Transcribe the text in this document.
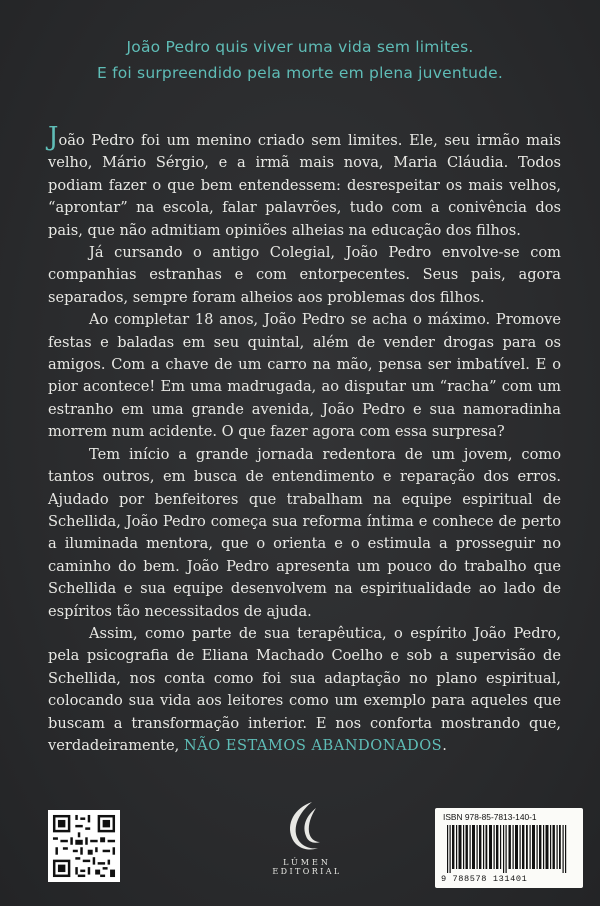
João Pedro quis viver uma vida sem limites.
E foi surpreendido pela morte em plena juventude.

João Pedro foi um menino criado sem limites. Ele, seu irmão mais velho, Mário Sérgio, e a irmã mais nova, Maria Cláudia. Todos podiam fazer o que bem entendessem: desrespeitar os mais velhos, “aprontar” na escola, falar palavrões, tudo com a conivência dos pais, que não admitiam opiniões alheias na educação dos filhos.

Já cursando o antigo Colegial, João Pedro envolve-se com companhias estranhas e com entorpecentes. Seus pais, agora separados, sempre foram alheios aos problemas dos filhos.

Ao completar 18 anos, João Pedro se acha o máximo. Promove festas e baladas em seu quintal, além de vender drogas para os amigos. Com a chave de um carro na mão, pensa ser imbatível. E o pior acontece! Em uma madrugada, ao disputar um “racha” com um estranho em uma grande avenida, João Pedro e sua namoradinha morrem num acidente. O que fazer agora com essa surpresa?

Tem início a grande jornada redentora de um jovem, como tantos outros, em busca de entendimento e reparação dos erros. Ajudado por benfeitores que trabalham na equipe espiritual de Schellida, João Pedro começa sua reforma íntima e conhece de perto a iluminada mentora, que o orienta e o estimula a prosseguir no caminho do bem. João Pedro apresenta um pouco do trabalho que Schellida e sua equipe desenvolvem na espiritualidade ao lado de espíritos tão necessitados de ajuda.

Assim, como parte de sua terapêutica, o espírito João Pedro, pela psicografia de Eliana Machado Coelho e sob a supervisão de Schellida, nos conta como foi sua adaptação no plano espiritual, colocando sua vida aos leitores como um exemplo para aqueles que buscam a transformação interior. E nos conforta mostrando que, verdadeiramente, NÃO ESTAMOS ABANDONADOS.

LÚMEN
EDITORIAL
ISBN 978-85-7813-140-1
9 788578 131401
